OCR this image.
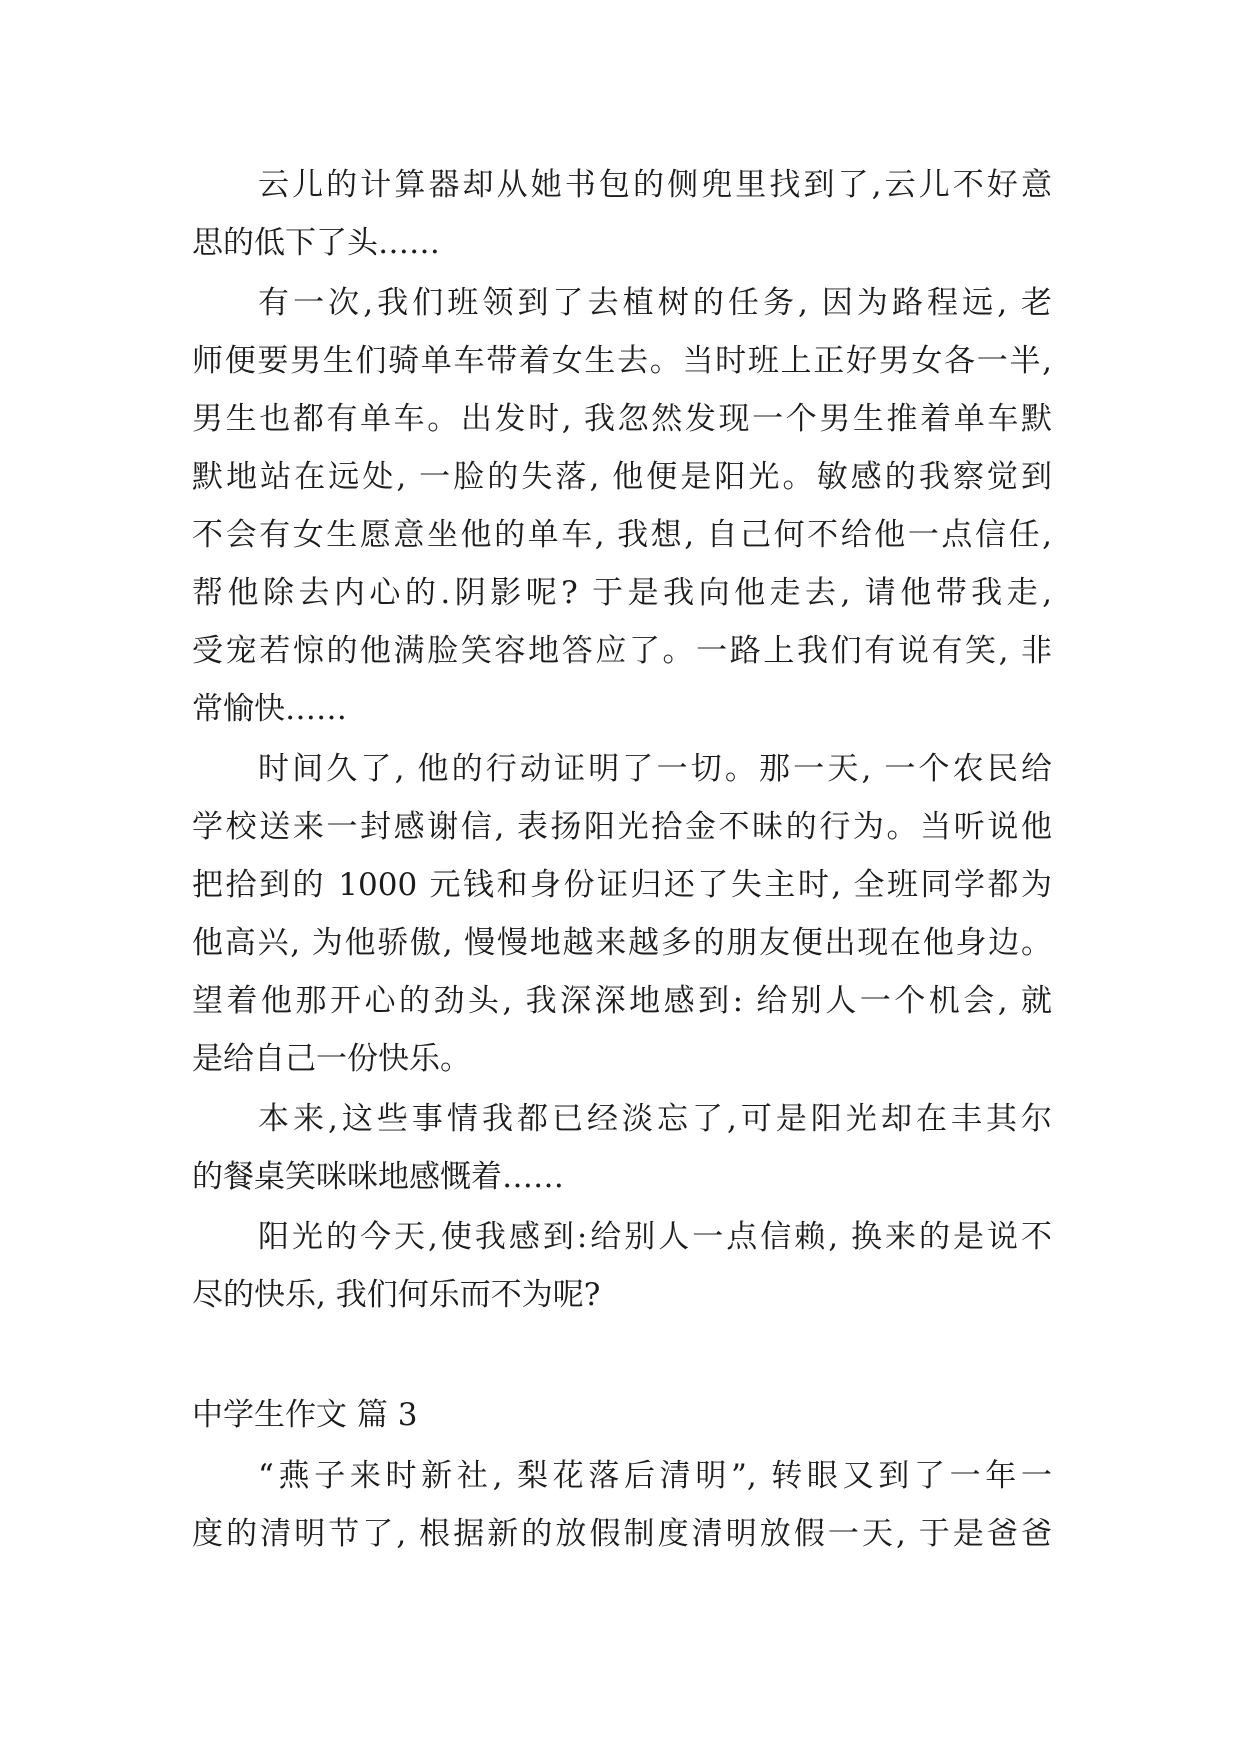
云儿的计算器却从她书包的侧兜里找到了,云儿不好意
思的低下了头……
有一次,我们班领到了去植树的任务, 因为路程远, 老
师便要男生们骑单车带着女生去。当时班上正好男女各一半,
男生也都有单车。出发时, 我忽然发现一个男生推着单车默
默地站在远处, 一脸的失落, 他便是阳光。敏感的我察觉到
不会有女生愿意坐他的单车, 我想, 自己何不给他一点信任,
帮他除去内心的.阴影呢? 于是我向他走去, 请他带我走,
受宠若惊的他满脸笑容地答应了。一路上我们有说有笑, 非
常愉快……
时间久了, 他的行动证明了一切。那一天, 一个农民给
学校送来一封感谢信, 表扬阳光拾金不昧的行为。当听说他
把拾到的 1000 元钱和身份证归还了失主时, 全班同学都为
他高兴, 为他骄傲, 慢慢地越来越多的朋友便出现在他身边。
望着他那开心的劲头, 我深深地感到: 给别人一个机会, 就
是给自己一份快乐。
本来,这些事情我都已经淡忘了,可是阳光却在丰其尔
的餐桌笑咪咪地感慨着……
阳光的今天,使我感到:给别人一点信赖, 换来的是说不
尽的快乐, 我们何乐而不为呢?
中学生作文 篇 3
“燕子来时新社, 梨花落后清明”, 转眼又到了一年一
度的清明节了, 根据新的放假制度清明放假一天, 于是爸爸
